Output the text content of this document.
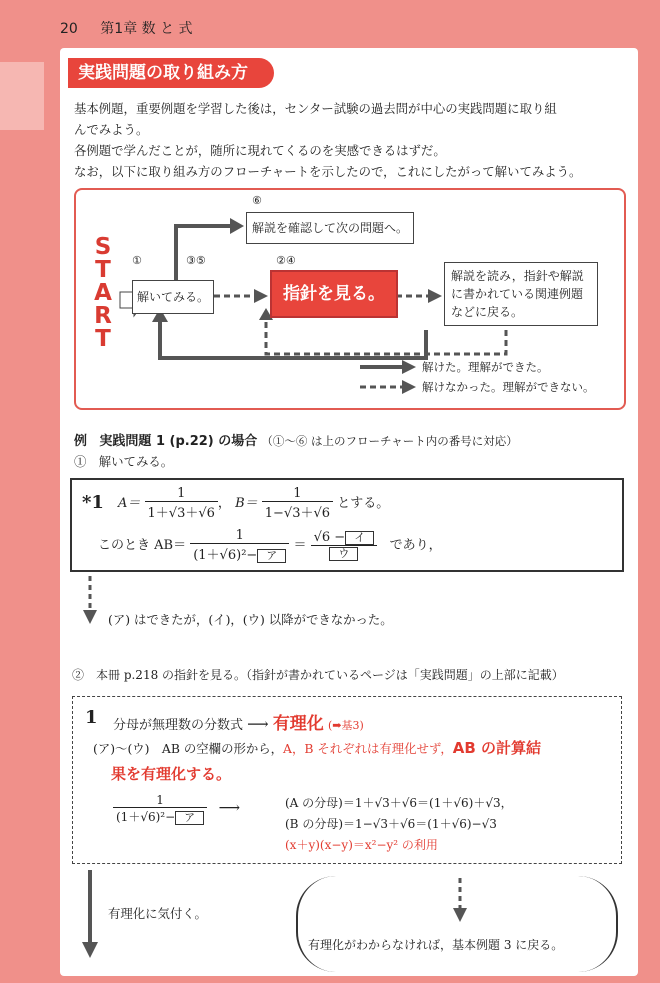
20 第1章 数 と 式
実践問題の取り組み方

基本例題，重要例題を学習した後は，センター試験の過去問が中心の実践問題に取り組

んでみよう。

各例題で学んだことが，随所に現れてくるのを実感できるはずだ。

なお，以下に取り組み方のフローチャートを示したので，これにしたがって解いてみよう。

S
T
A
R
T
①	③⑤	②④
⑥
解いてみる。	指針を見る。
解説を確認して次の問題へ。
解説を読み，指針や解説
に書かれている関連例題
などに戻る。
解けた。理解ができた。
解けなかった。理解ができない。
例 実践問題 1 (p.22) の場合 （①～⑥ は上のフローチャート内の番号に対応）
①　解いてみる。
*1 $A= \frac{1}{1+√3+√6}$ ， $B= \frac{1}{1-√3+√6}$ とする。
このとき $AB= \frac{1}{\text{(1＋√6)²− ア}} = \frac{\text{√6 − イ}}{\text{ウ}}$ であり，
(ア) はできたが，(イ)，(ウ) 以降ができなかった。
②　本冊 p.218 の指針を見る。（指針が書かれているページは「実践問題」の上部に記載）
1 分母が無理数の分数式 ⟶ 有理化 (➡基3)
(ア)～(ウ)　AB の空欄の形から，A，B それぞれは有理化せず，AB の計算結
果を有理化する。
$\frac{1}{\text{(1＋√6)²− ア}}$ ⟶	(A の分母)＝1＋√3＋√6＝(1＋√6)＋√3，
(B の分母)＝1−√3＋√6＝(1＋√6)−√3
(x＋y)(x−y)＝x²−y² の利用
有理化に気付く。
有理化がわからなければ，基本例題 3 に戻る。
